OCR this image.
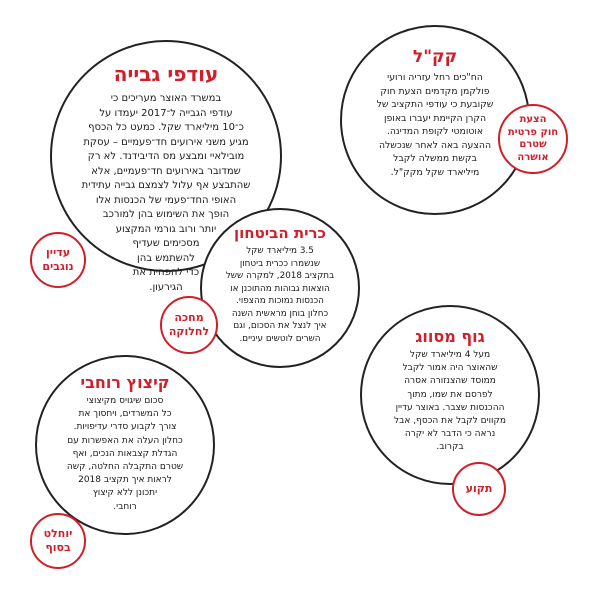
עודפי גבייה
במשרד האוצר מעריכים כי
עודפי הגבייה ל־2017 יעמדו על
כ־10 מיליארד שקל. כמעט כל הכסף
מגיע משני אירועים חד־פעמיים – עסקת
מובילאיי ומבצע מס הדיבידנד. לא רק
שמדובר באירועים חד־פעמיים, אלא
שהתבצע אף עלול לצמצם גבייה עתידית
האופי החד־פעמי של הכנסות אלו
הופך את השימוש בהן למורכב
יותר ורוב גורמי המקצוע
מסכימים שעדיף
להשתמש בהן
כדי להפחית את
הגירעון.
קק"ל
הח"כים רחל עזריה ורועי
פולקמן מקדמים הצעת חוק
שקובעת כי עודפי התקציב של
הקרן הקיימת יעברו באופן
אוטומטי לקופת המדינה.
ההצעה באה לאחר שנכשלה
בקשת ממשלה לקבל
מיליארד שקל מקק"ל.
כרית הביטחון
3.5 מיליארד שקל
שנשמרו ככרית ביטחון
בתקציב 2018, למקרה ששל
הוצאות גבוהות מהתוכנן או
הכנסות נמוכות מהצפוי.
כחלון בוחן מראשית השנה
איך לנצל את הסכום, וגם
השרים לוטשים עיניים.	גוף מסווג
מעל 4 מיליארד שקל
שהאוצר היה אמור לקבל
ממוסד שהצנזורה אסרה
לפרסם את שמו, מתוך
ההכנסות שצבר. באוצר עדיין
מקווים לקבל את הכסף, אבל
נראה כי הדבר לא יקרה
בקרוב.
קיצוץ רוחבי
סכום שיגויס מקיצוצי
כל המשרדים, ויחסוך את
צורך לקבוע סדרי עדיפויות.
כחלון העלה את האפשרות עם
הגדלת קצבאות הנכים, ואף
שטרם התקבלה החלטה, קשה
לראות איך תקציב 2018
יתכונן ללא קיצוץ
רוחבי.
עדיין
נוגבים
הצעת
חוק פרטית
שטרם
אושרה
מחכה
לחלוקה
תקוע
יוחלט
בסוף
